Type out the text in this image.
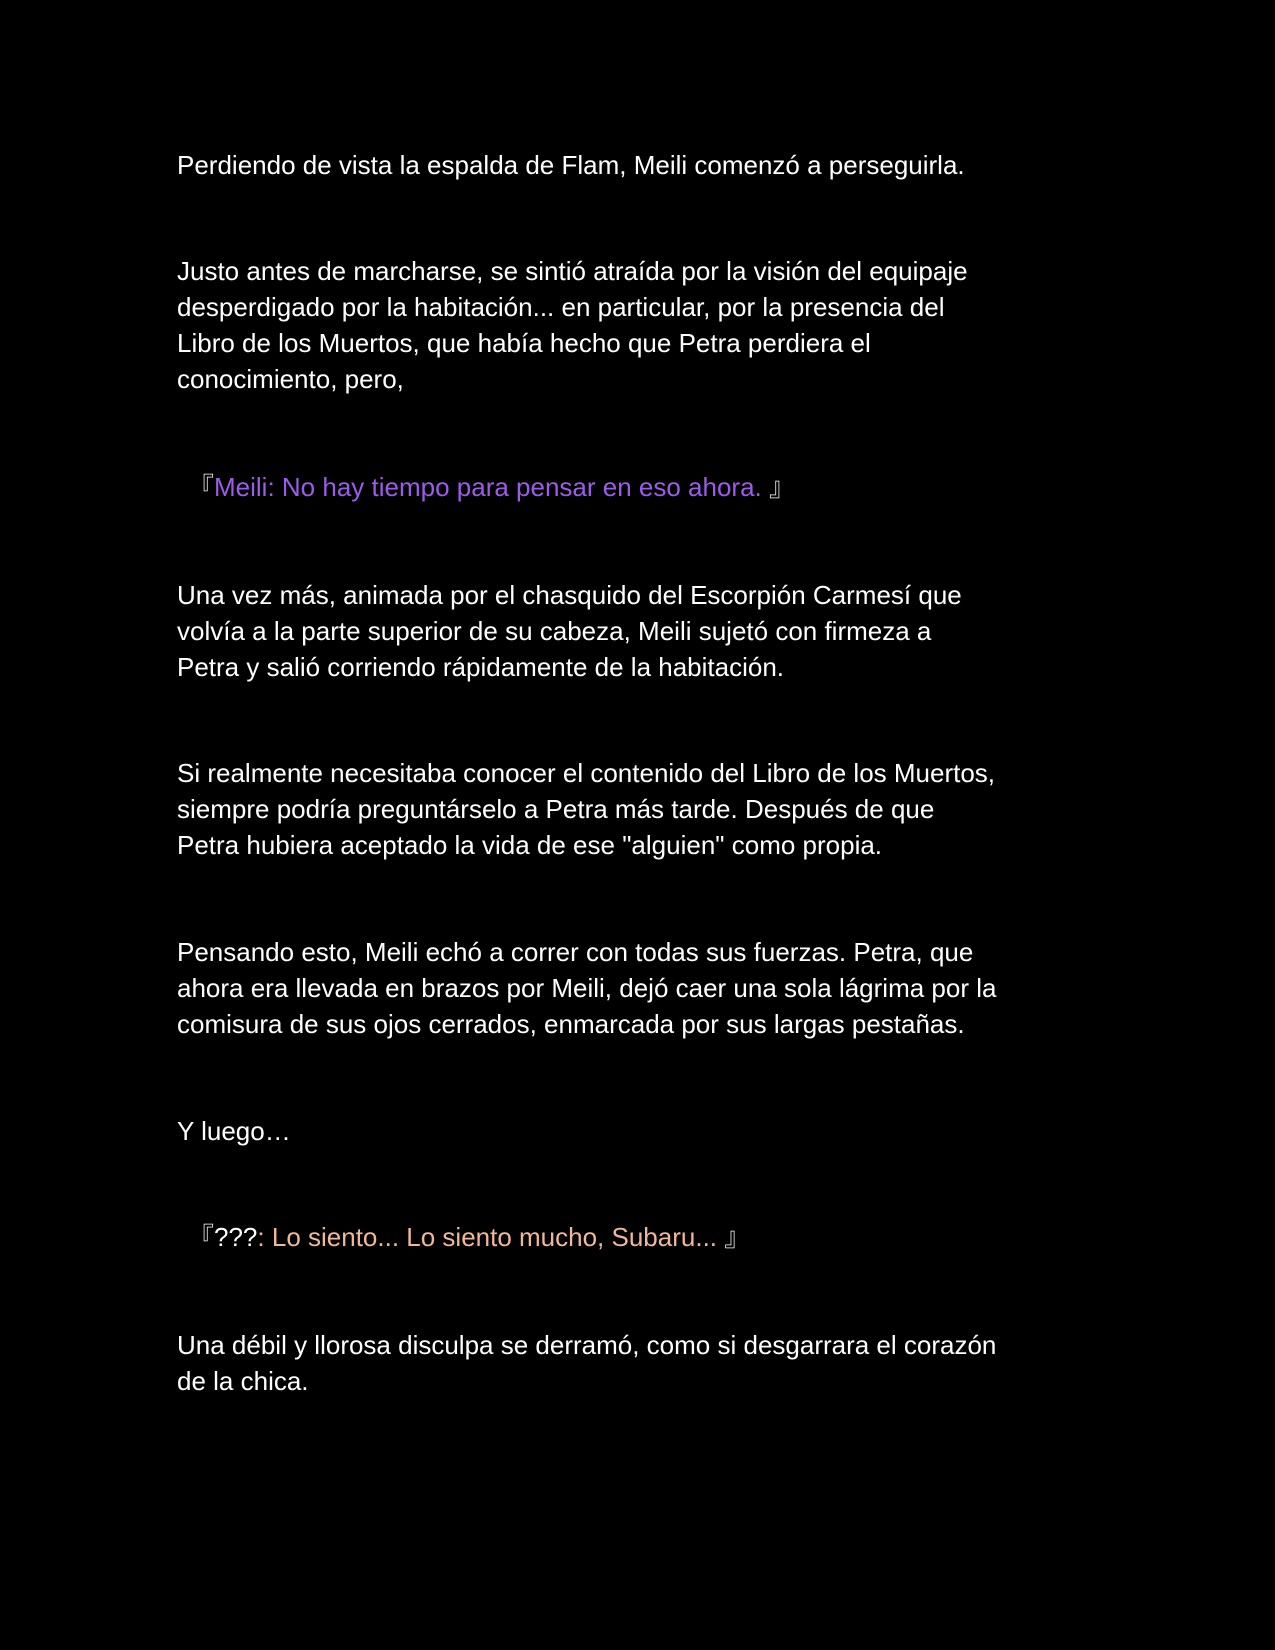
Perdiendo de vista la espalda de Flam, Meili comenzó a perseguirla.

Justo antes de marcharse, se sintió atraída por la visión del equipaje
desperdigado por la habitación... en particular, por la presencia del
Libro de los Muertos, que había hecho que Petra perdiera el
conocimiento, pero,

『Meili: No hay tiempo para pensar en eso ahora. 』

Una vez más, animada por el chasquido del Escorpión Carmesí que
volvía a la parte superior de su cabeza, Meili sujetó con firmeza a
Petra y salió corriendo rápidamente de la habitación.

Si realmente necesitaba conocer el contenido del Libro de los Muertos,
siempre podría preguntárselo a Petra más tarde. Después de que
Petra hubiera aceptado la vida de ese "alguien" como propia.

Pensando esto, Meili echó a correr con todas sus fuerzas. Petra, que
ahora era llevada en brazos por Meili, dejó caer una sola lágrima por la
comisura de sus ojos cerrados, enmarcada por sus largas pestañas.

Y luego…

『???: Lo siento... Lo siento mucho, Subaru... 』

Una débil y llorosa disculpa se derramó, como si desgarrara el corazón
de la chica.
